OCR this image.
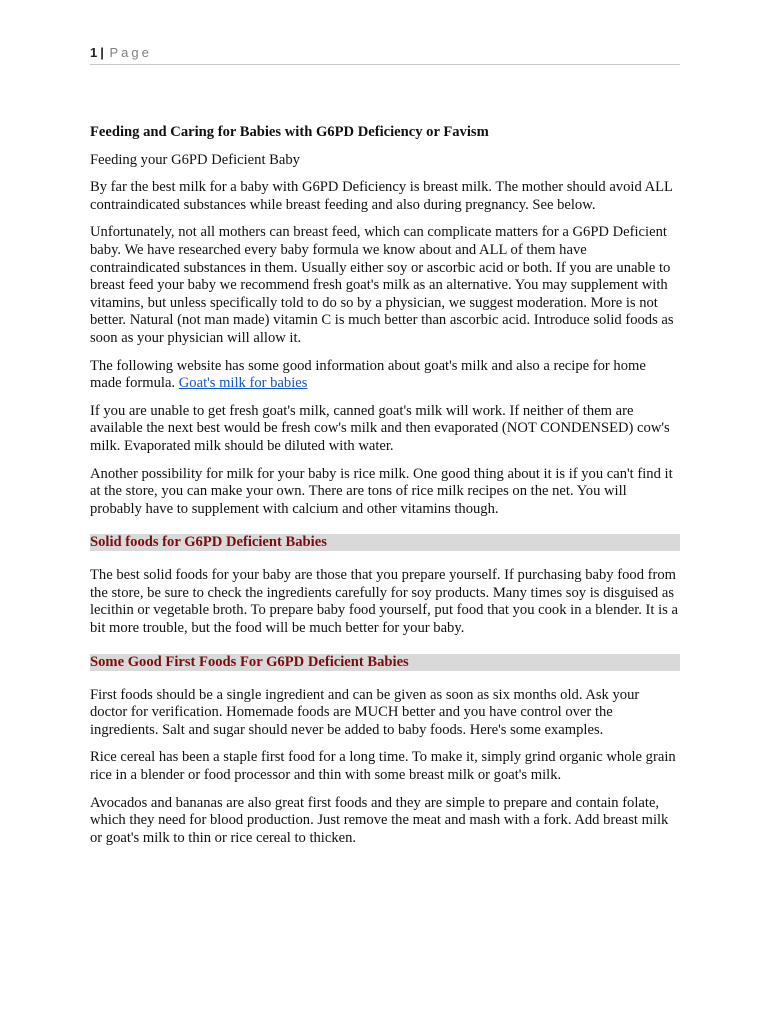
1 | Page
Feeding and Caring for Babies with G6PD Deficiency or Favism

Feeding your G6PD Deficient Baby

By far the best milk for a baby with G6PD Deficiency is breast milk. The mother should avoid ALL contraindicated substances while breast feeding and also during pregnancy. See below.

Unfortunately, not all mothers can breast feed, which can complicate matters for a G6PD Deficient baby. We have researched every baby formula we know about and ALL of them have contraindicated substances in them. Usually either soy or ascorbic acid or both. If you are unable to breast feed your baby we recommend fresh goat's milk as an alternative. You may supplement with vitamins, but unless specifically told to do so by a physician, we suggest moderation. More is not better. Natural (not man made) vitamin C is much better than ascorbic acid. Introduce solid foods as soon as your physician will allow it.

The following website has some good information about goat's milk and also a recipe for home made formula. Goat's milk for babies

If you are unable to get fresh goat's milk, canned goat's milk will work. If neither of them are available the next best would be fresh cow's milk and then evaporated (NOT CONDENSED) cow's milk. Evaporated milk should be diluted with water.

Another possibility for milk for your baby is rice milk. One good thing about it is if you can't find it at the store, you can make your own. There are tons of rice milk recipes on the net. You will probably have to supplement with calcium and other vitamins though.

Solid foods for G6PD Deficient Babies

The best solid foods for your baby are those that you prepare yourself. If purchasing baby food from the store, be sure to check the ingredients carefully for soy products. Many times soy is disguised as lecithin or vegetable broth. To prepare baby food yourself, put food that you cook in a blender. It is a bit more trouble, but the food will be much better for your baby.

Some Good First Foods For G6PD Deficient Babies

First foods should be a single ingredient and can be given as soon as six months old. Ask your doctor for verification. Homemade foods are MUCH better and you have control over the ingredients. Salt and sugar should never be added to baby foods. Here's some examples.

Rice cereal has been a staple first food for a long time. To make it, simply grind organic whole grain rice in a blender or food processor and thin with some breast milk or goat's milk.

Avocados and bananas are also great first foods and they are simple to prepare and contain folate, which they need for blood production. Just remove the meat and mash with a fork. Add breast milk or goat's milk to thin or rice cereal to thicken.
